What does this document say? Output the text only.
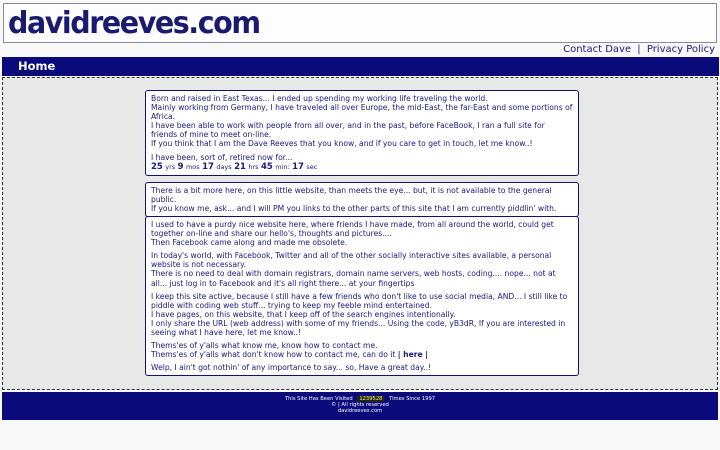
davidreeves.com
Contact Dave | Privacy Policy
Home
Born and raised in East Texas... I ended up spending my working life traveling the world.
Mainly working from Germany, I have traveled all over Europe, the mid-East, the far-East and some portions of Africa.
I have been able to work with people from all over, and in the past, before FaceBook, I ran a full site for friends of mine to meet on-line.
If you think that I am the Dave Reeves that you know, and if you care to get in touch, let me know..!
I have been, sort of, retired now for...
25 yrs 9 mos 17 days 21 hrs 45 min: 17 sec
There is a bit more here, on this little website, than meets the eye... but, it is not available to the general public.
If you know me, ask... and I will PM you links to the other parts of this site that I am currently piddlin' with.

I used to have a purdy nice website here, where friends I have made, from all around the world, could get together on-line and share our hello's, thoughts and pictures....
Then Facebook came along and made me obsolete.

In today's world, with Facebook, Twitter and all of the other socially interactive sites available, a personal website is not necessary.
There is no need to deal with domain registrars, domain name servers, web hosts, coding.... nope... not at all... just log in to Facebook and it's all right there... at your fingertips

I keep this site active, because I still have a few friends who don't like to use social media, AND... I still like to piddle with coding web stuff... trying to keep my feeble mind entertained.
I have pages, on this website, that I keep off of the search engines intentionally.
I only share the URL (web address) with some of my friends... Using the code, yB3dR, If you are interested in seeing what I have here, let me know..!

Thems'es of y'alls what know me, know how to contact me.
Thems'es of y'alls what don't know how to contact me, can do it | here |

Welp, I ain't got nothin' of any importance to say... so, Have a great day..!

This Site Has Been Visited 1239528 Times Since 1997
© | All rights reserved
davidreeves.com
